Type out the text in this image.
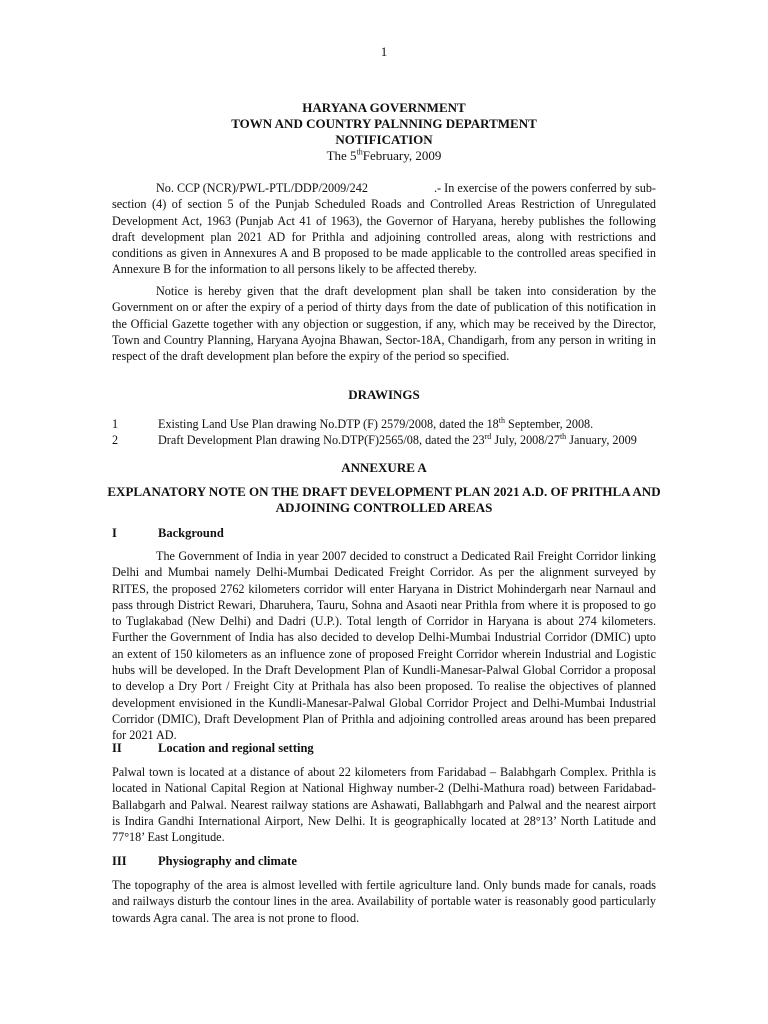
1
HARYANA GOVERNMENT
TOWN AND COUNTRY PALNNING DEPARTMENT
NOTIFICATION
The 5thFebruary, 2009

No. CCP (NCR)/PWL-PTL/DDP/2009/242	.- In exercise of the powers conferred by sub-section (4) of section 5 of the Punjab Scheduled Roads and Controlled Areas Restriction of Unregulated Development Act, 1963 (Punjab Act 41 of 1963), the Governor of Haryana, hereby publishes the following draft development plan 2021 AD for Prithla and adjoining controlled areas, along with restrictions and conditions as given in Annexures A and B proposed to be made applicable to the controlled areas specified in Annexure B for the information to all persons likely to be affected thereby.

Notice is hereby given that the draft development plan shall be taken into consideration by the Government on or after the expiry of a period of thirty days from the date of publication of this notification in the Official Gazette together with any objection or suggestion, if any, which may be received by the Director, Town and Country Planning, Haryana Ayojna Bhawan, Sector-18A, Chandigarh, from any person in writing in respect of the draft development plan before the expiry of the period so specified.

DRAWINGS
1	Existing Land Use Plan drawing No.DTP (F) 2579/2008, dated the 18th September, 2008.
2	Draft Development Plan drawing No.DTP(F)2565/08, dated the 23rd July, 2008/27th January, 2009
ANNEXURE A
EXPLANATORY NOTE ON THE DRAFT DEVELOPMENT PLAN 2021 A.D. OF PRITHLA AND
ADJOINING CONTROLLED AREAS
I	Background

The Government of India in year 2007 decided to construct a Dedicated Rail Freight Corridor linking Delhi and Mumbai namely Delhi-Mumbai Dedicated Freight Corridor. As per the alignment surveyed by RITES, the proposed 2762 kilometers corridor will enter Haryana in District Mohindergarh near Narnaul and pass through District Rewari, Dharuhera, Tauru, Sohna and Asaoti near Prithla from where it is proposed to go to Tuglakabad (New Delhi) and Dadri (U.P.). Total length of Corridor in Haryana is about 274 kilometers. Further the Government of India has also decided to develop Delhi-Mumbai Industrial Corridor (DMIC) upto an extent of 150 kilometers as an influence zone of proposed Freight Corridor wherein Industrial and Logistic hubs will be developed. In the Draft Development Plan of Kundli-Manesar-Palwal Global Corridor a proposal to develop a Dry Port / Freight City at Prithala has also been proposed. To realise the objectives of planned development envisioned in the Kundli-Manesar-Palwal Global Corridor Project and Delhi-Mumbai Industrial Corridor (DMIC), Draft Development Plan of Prithla and adjoining controlled areas around has been prepared for 2021 AD.

II	Location and regional setting

Palwal town is located at a distance of about 22 kilometers from Faridabad – Balabhgarh Complex. Prithla is located in National Capital Region at National Highway number-2 (Delhi-Mathura road) between Faridabad-Ballabgarh and Palwal. Nearest railway stations are Ashawati, Ballabhgarh and Palwal and the nearest airport is Indira Gandhi International Airport, New Delhi. It is geographically located at 28°13’ North Latitude and 77°18’ East Longitude.

III	Physiography and climate

The topography of the area is almost levelled with fertile agriculture land. Only bunds made for canals, roads and railways disturb the contour lines in the area. Availability of portable water is reasonably good particularly towards Agra canal. The area is not prone to flood.
